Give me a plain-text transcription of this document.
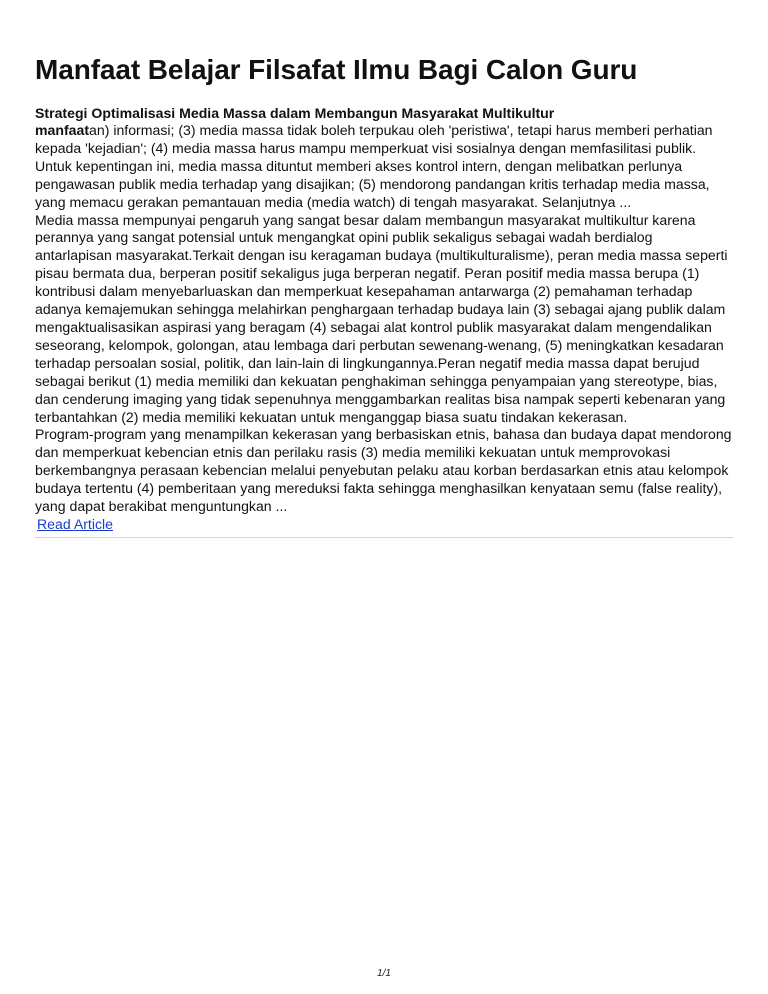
Manfaat Belajar Filsafat Ilmu Bagi Calon Guru
Strategi Optimalisasi Media Massa dalam Membangun Masyarakat Multikultur

manfaatan) informasi; (3) media massa tidak boleh terpukau oleh 'peristiwa', tetapi harus memberi perhatian kepada 'kejadian'; (4) media massa harus mampu memperkuat visi sosialnya dengan memfasilitasi publik. Untuk kepentingan ini, media massa dituntut memberi akses kontrol intern, dengan melibatkan perlunya pengawasan publik media terhadap yang disajikan; (5) mendorong pandangan kritis terhadap media massa, yang memacu gerakan pemantauan media (media watch) di tengah masyarakat. Selanjutnya ...

Media massa mempunyai pengaruh yang sangat besar dalam membangun masyarakat multikultur karena perannya yang sangat potensial untuk mengangkat opini publik sekaligus sebagai wadah berdialog antarlapisan masyarakat.Terkait dengan isu keragaman budaya (multikulturalisme), peran media massa seperti pisau bermata dua, berperan positif sekaligus juga berperan negatif. Peran positif media massa berupa (1) kontribusi dalam menyebarluaskan dan memperkuat kesepahaman antarwarga (2) pemahaman terhadap adanya kemajemukan sehingga melahirkan penghargaan terhadap budaya lain (3) sebagai ajang publik dalam mengaktualisasikan aspirasi yang beragam (4) sebagai alat kontrol publik masyarakat dalam mengendalikan seseorang, kelompok, golongan, atau lembaga dari perbutan sewenang-wenang, (5) meningkatkan kesadaran terhadap persoalan sosial, politik, dan lain-lain di lingkungannya.Peran negatif media massa dapat berujud sebagai berikut (1) media memiliki dan kekuatan penghakiman sehingga penyampaian yang stereotype, bias, dan cenderung imaging yang tidak sepenuhnya menggambarkan realitas bisa nampak seperti kebenaran yang terbantahkan (2) media memiliki kekuatan untuk menganggap biasa suatu tindakan kekerasan.

Program-program yang menampilkan kekerasan yang berbasiskan etnis, bahasa dan budaya dapat mendorong dan memperkuat kebencian etnis dan perilaku rasis (3) media memiliki kekuatan untuk memprovokasi berkembangnya perasaan kebencian melalui penyebutan pelaku atau korban berdasarkan etnis atau kelompok budaya tertentu (4) pemberitaan yang mereduksi fakta sehingga menghasilkan kenyataan semu (false reality), yang dapat berakibat menguntungkan ...

Read Article
1/1
